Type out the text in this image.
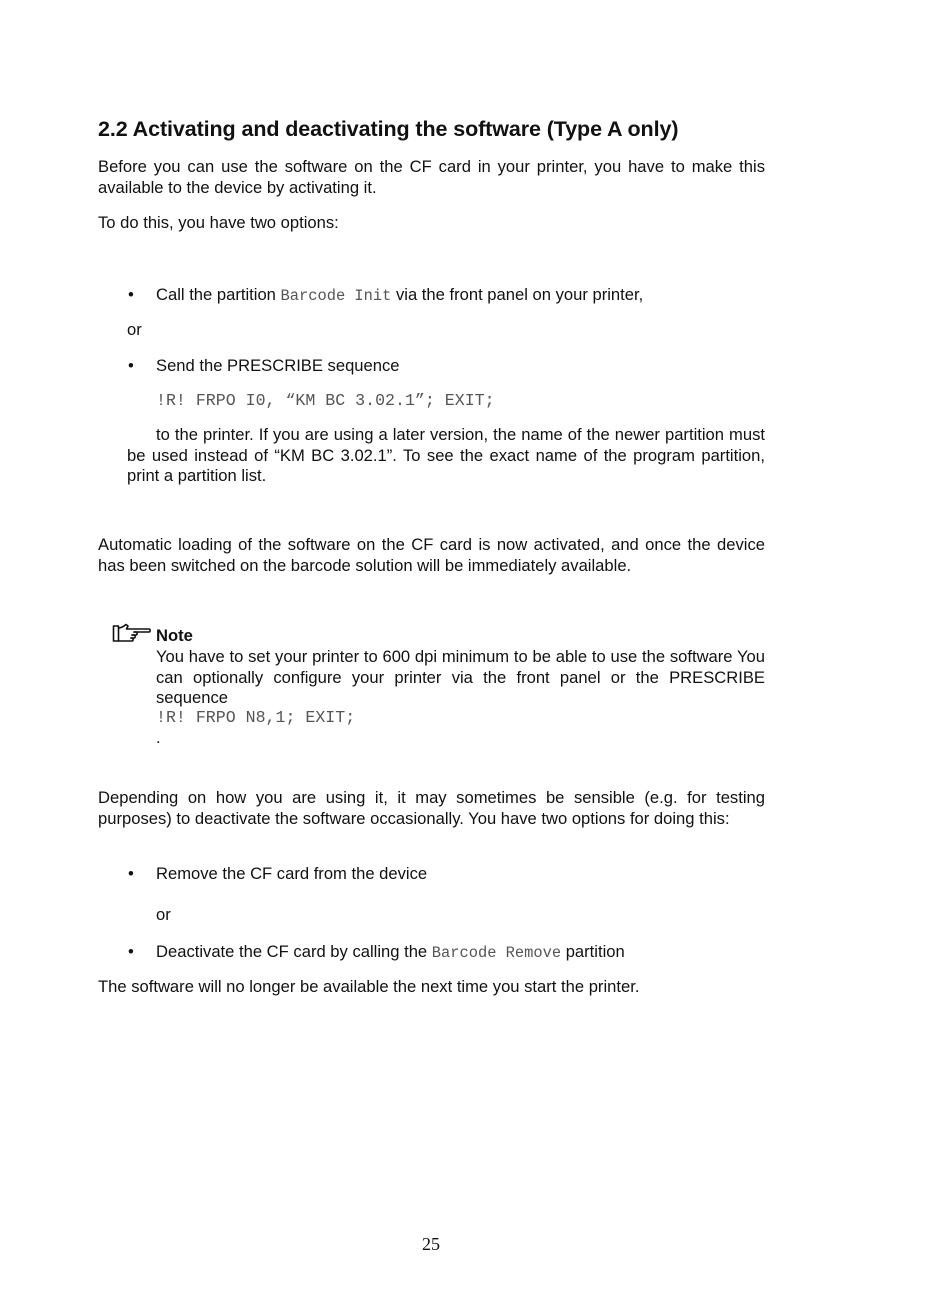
2.2 Activating and deactivating the software (Type A only)

Before you can use the software on the CF card in your printer, you have to make this available to the device by activating it.

To do this, you have two options:

• Call the partition Barcode Init via the front panel on your printer,
or
• Send the PRESCRIBE sequence
!R! FRPO I0, “KM BC 3.02.1”; EXIT;

to the printer. If you are using a later version, the name of the newer partition must be used instead of “KM BC 3.02.1”. To see the exact name of the program partition, print a partition list.

Automatic loading of the software on the CF card is now activated, and once the device has been switched on the barcode solution will be immediately available.

Note

You have to set your printer to 600 dpi minimum to be able to use the software You can optionally configure your printer via the front panel or the PRESCRIBE sequence

!R! FRPO N8,1; EXIT;
.

Depending on how you are using it, it may sometimes be sensible (e.g. for testing purposes) to deactivate the software occasionally. You have two options for doing this:

• Remove the CF card from the device
or
• Deactivate the CF card by calling the Barcode Remove partition

The software will no longer be available the next time you start the printer.

25
